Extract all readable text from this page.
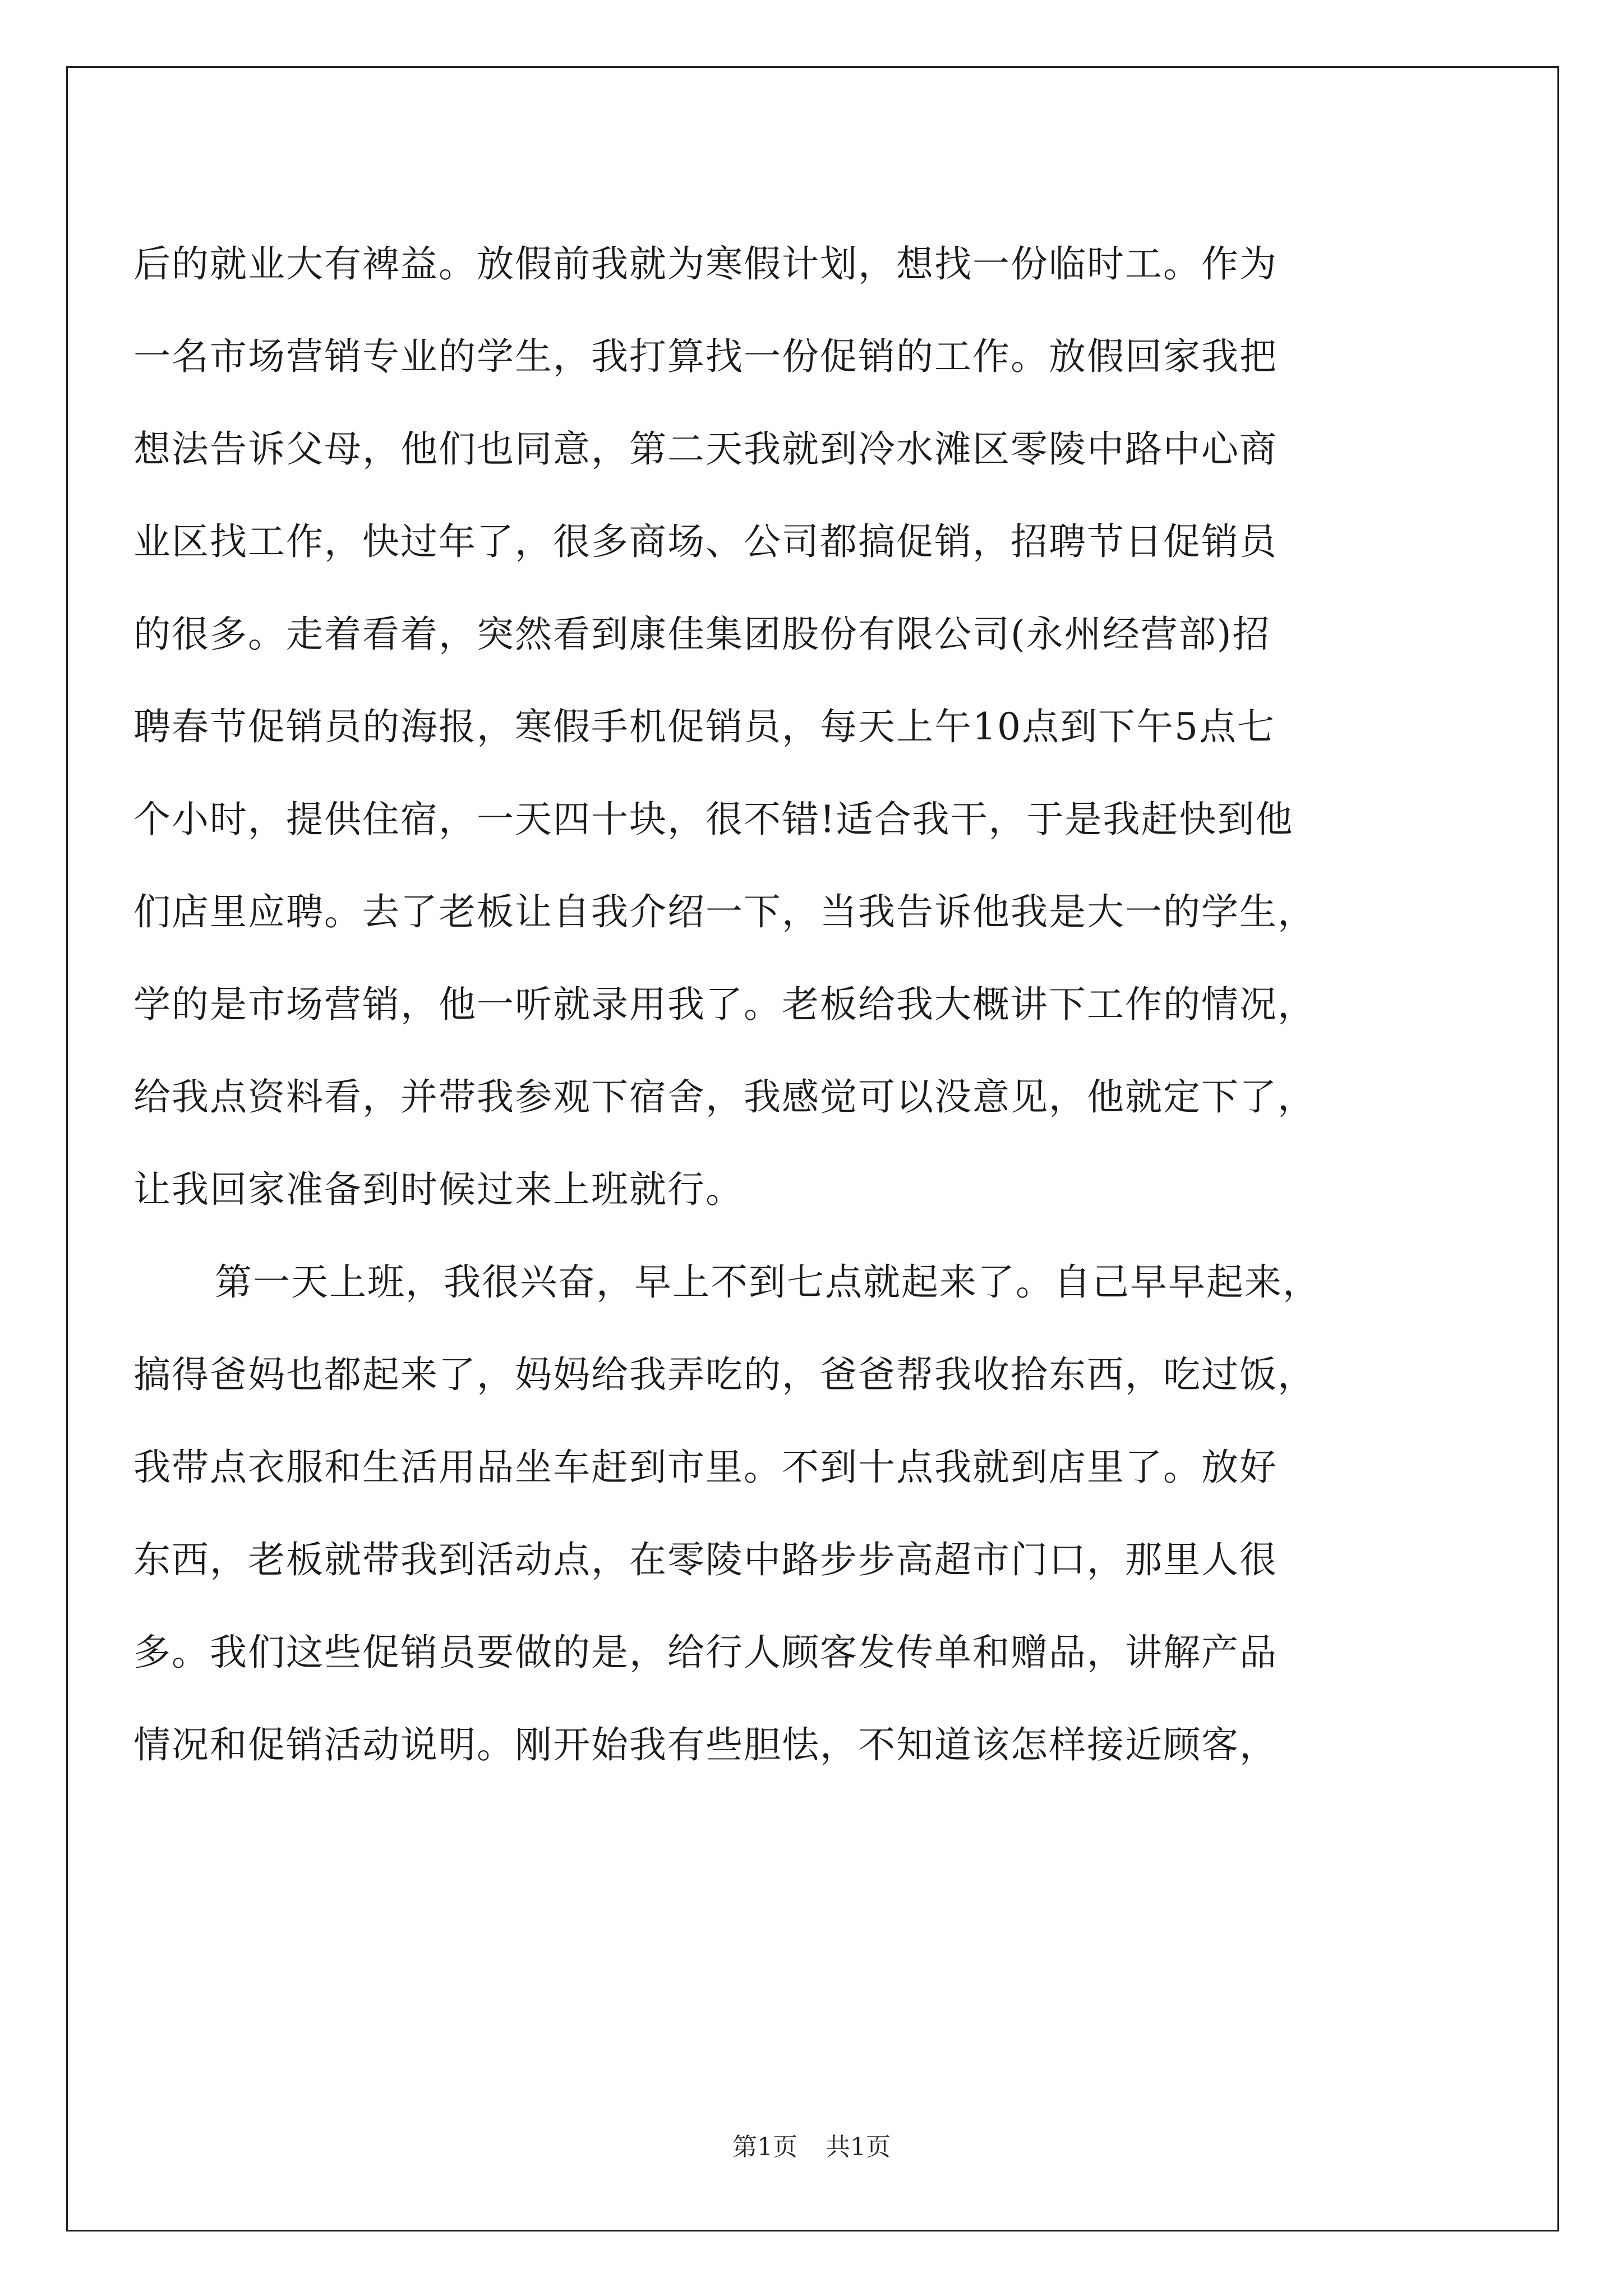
后的就业大有裨益。放假前我就为寒假计划，想找一份临时工。作为
一名市场营销专业的学生，我打算找一份促销的工作。放假回家我把
想法告诉父母，他们也同意，第二天我就到冷水滩区零陵中路中心商
业区找工作，快过年了，很多商场、公司都搞促销，招聘节日促销员
的很多。走着看着，突然看到康佳集团股份有限公司(永州经营部)招
聘春节促销员的海报，寒假手机促销员，每天上午10点到下午5点七
个小时，提供住宿，一天四十块，很不错!适合我干，于是我赶快到他
们店里应聘。去了老板让自我介绍一下，当我告诉他我是大一的学生，
学的是市场营销，他一听就录用我了。老板给我大概讲下工作的情况，
给我点资料看，并带我参观下宿舍，我感觉可以没意见，他就定下了，
让我回家准备到时候过来上班就行。
第一天上班，我很兴奋，早上不到七点就起来了。自己早早起来，
搞得爸妈也都起来了，妈妈给我弄吃的，爸爸帮我收拾东西，吃过饭，
我带点衣服和生活用品坐车赶到市里。不到十点我就到店里了。放好
东西，老板就带我到活动点，在零陵中路步步高超市门口，那里人很
多。我们这些促销员要做的是，给行人顾客发传单和赠品，讲解产品
情况和促销活动说明。刚开始我有些胆怯，不知道该怎样接近顾客，
第1页 共1页
